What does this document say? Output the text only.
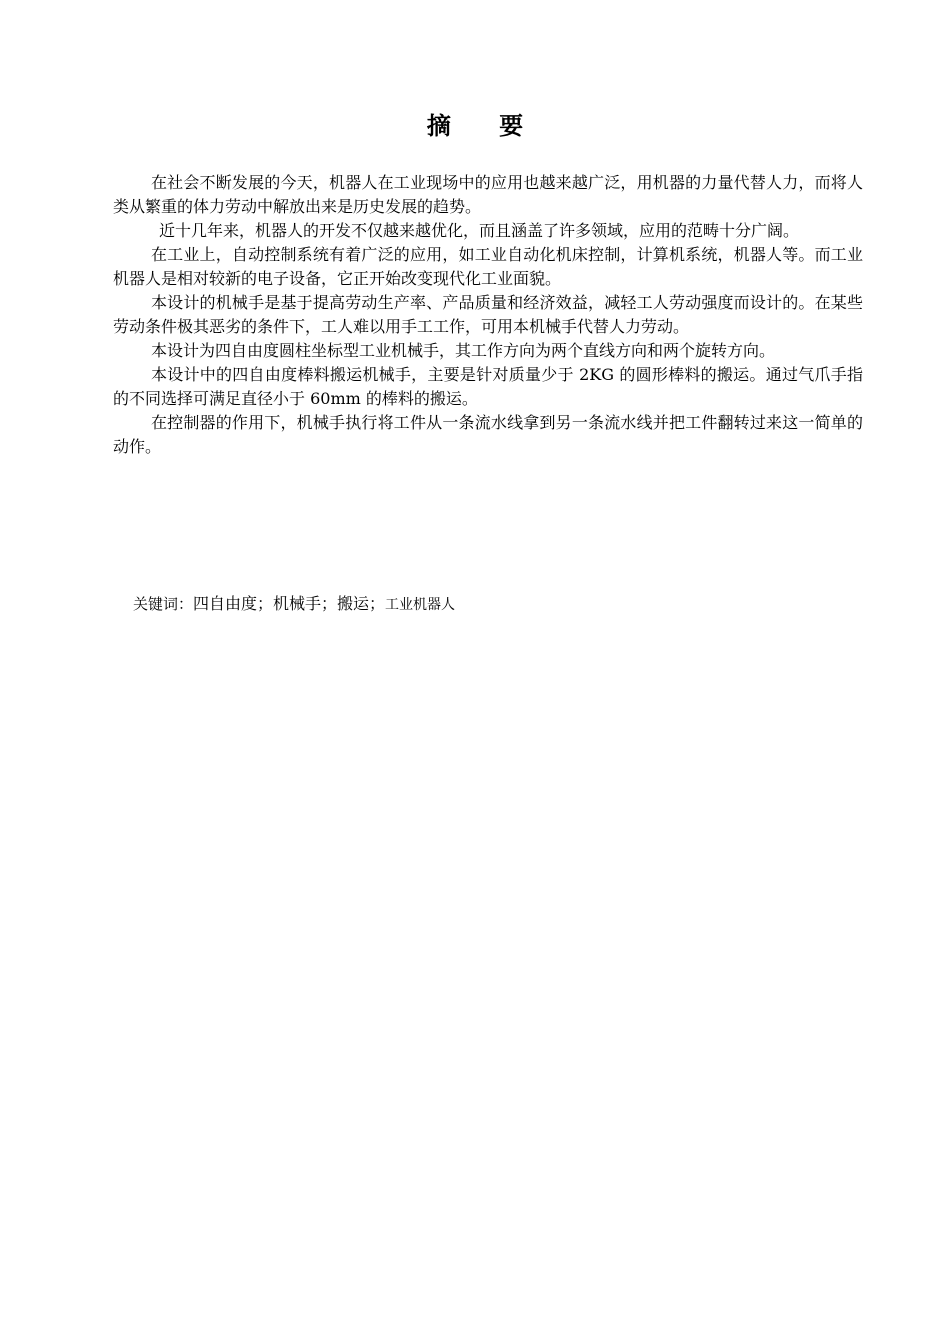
摘 要

在社会不断发展的今天，机器人在工业现场中的应用也越来越广泛，用机器的力量代替人力，而将人类从繁重的体力劳动中解放出来是历史发展的趋势。

近十几年来，机器人的开发不仅越来越优化，而且涵盖了许多领域，应用的范畴十分广阔。

在工业上，自动控制系统有着广泛的应用，如工业自动化机床控制，计算机系统，机器人等。而工业机器人是相对较新的电子设备，它正开始改变现代化工业面貌。

本设计的机械手是基于提高劳动生产率、产品质量和经济效益，减轻工人劳动强度而设计的。在某些劳动条件极其恶劣的条件下，工人难以用手工工作，可用本机械手代替人力劳动。

本设计为四自由度圆柱坐标型工业机械手，其工作方向为两个直线方向和两个旋转方向。

本设计中的四自由度棒料搬运机械手，主要是针对质量少于 2KG 的圆形棒料的搬运。通过气爪手指的不同选择可满足直径小于 60mm 的棒料的搬运。

在控制器的作用下，机械手执行将工件从一条流水线拿到另一条流水线并把工件翻转过来这一简单的动作。

关键词：四自由度；机械手；搬运；工业机器人
